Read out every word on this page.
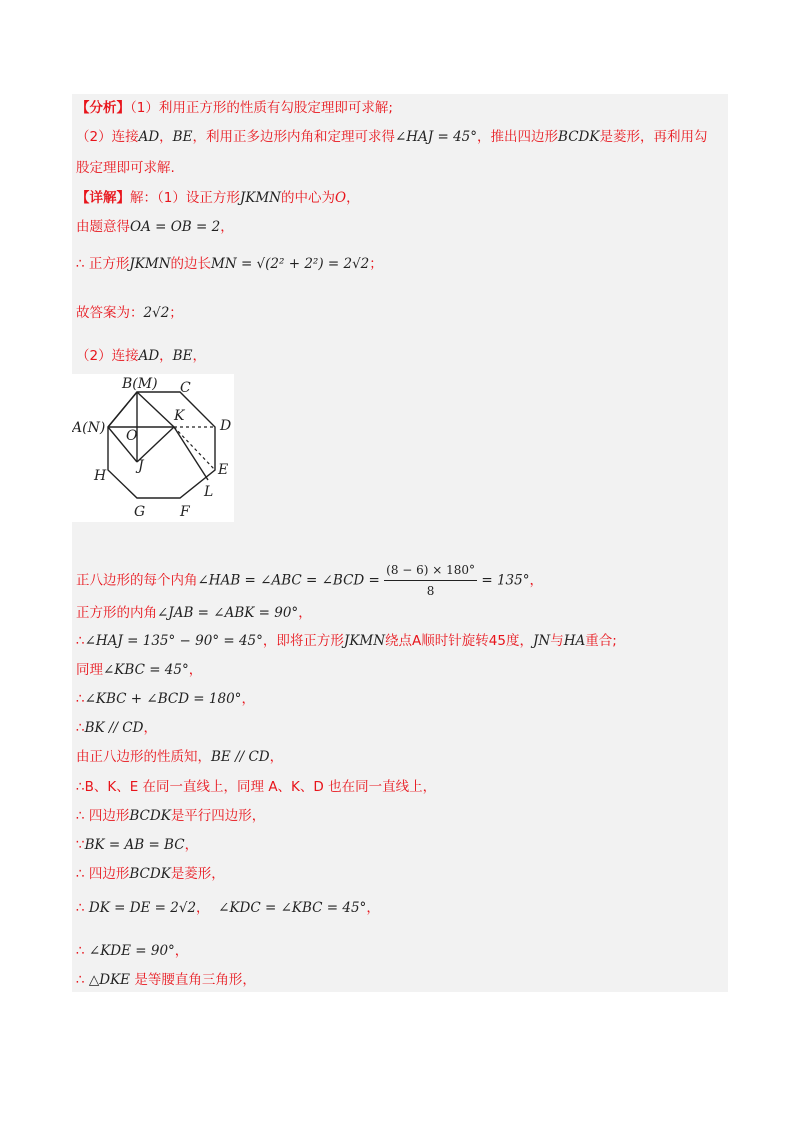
【分析】（1）利用正方形的性质有勾股定理即可求解;
（2）连接AD，BE，利用正多边形内角和定理可求得∠HAJ = 45°，推出四边形BCDK是菱形，再利用勾
股定理即可求解.
【详解】解：（1）设正方形JKMN的中心为O，
由题意得OA = OB = 2，
∴ 正方形JKMN的边长MN = √(2² + 2²) = 2√2；
故答案为：2√2；
（2）连接AD，BE，
B(M) C
A(N)
K
D
O
J	E
H
L
G F
正八边形的每个内角∠HAB = ∠ABC = ∠BCD = $\frac{(8 - 6) \times 180^\circ}{8} = 135^\circ$，
正方形的内角∠JAB = ∠ABK = 90°，
∴∠HAJ = 135° − 90° = 45°，即将正方形JKMN绕点A顺时针旋转45度，JN与HA重合;
同理∠KBC = 45°，
∴∠KBC + ∠BCD = 180°，
∴BK // CD，
由正八边形的性质知，BE // CD，
∴B、K、E 在同一直线上，同理 A、K、D 也在同一直线上，
∴ 四边形BCDK是平行四边形，
∵BK = AB = BC，
∴ 四边形BCDK是菱形，
∴ DK = DE = 2√2， ∠KDC = ∠KBC = 45°，
∴ ∠KDE = 90°，
∴ △DKE 是等腰直角三角形，
